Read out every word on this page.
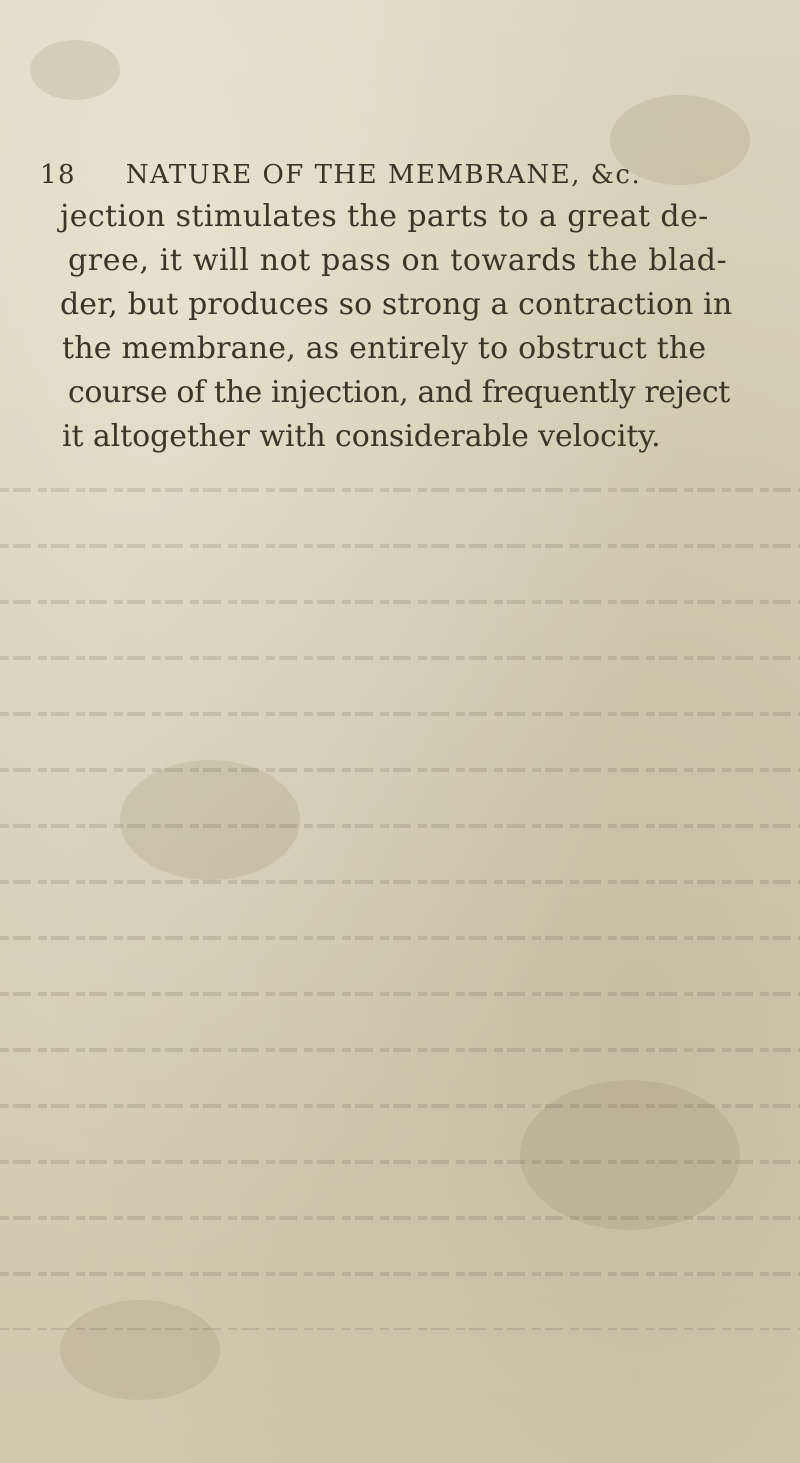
18 NATURE OF THE MEMBRANE, &c.
jection stimulates the parts to a great de-
gree, it will not pass on towards the blad-
der, but produces so strong a contraction in
the membrane, as entirely to obstruct the
course of the injection, and frequently reject
it altogether with considerable velocity.
